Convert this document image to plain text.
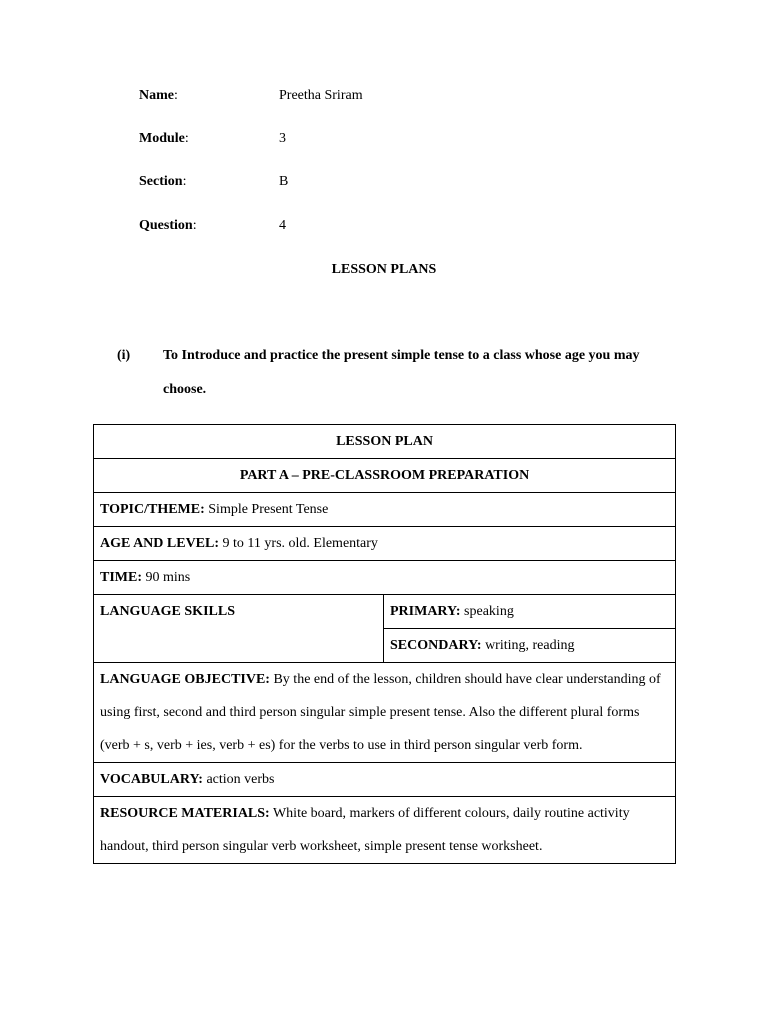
Name:	Preetha Sriram
Module:	3
Section:	B
Question:	4
LESSON PLANS
(i) To Introduce and practice the present simple tense to a class whose age you may choose.
LESSON PLAN
PART A – PRE-CLASSROOM PREPARATION
TOPIC/THEME: Simple Present Tense
AGE AND LEVEL: 9 to 11 yrs. old. Elementary
TIME: 90 mins
LANGUAGE SKILLS	PRIMARY: speaking
SECONDARY: writing, reading
LANGUAGE OBJECTIVE: By the end of the lesson, children should have clear understanding of using first, second and third person singular simple present tense. Also the different plural forms (verb + s, verb + ies, verb + es) for the verbs to use in third person singular verb form.
VOCABULARY: action verbs
RESOURCE MATERIALS: White board, markers of different colours, daily routine activity handout, third person singular verb worksheet, simple present tense worksheet.
